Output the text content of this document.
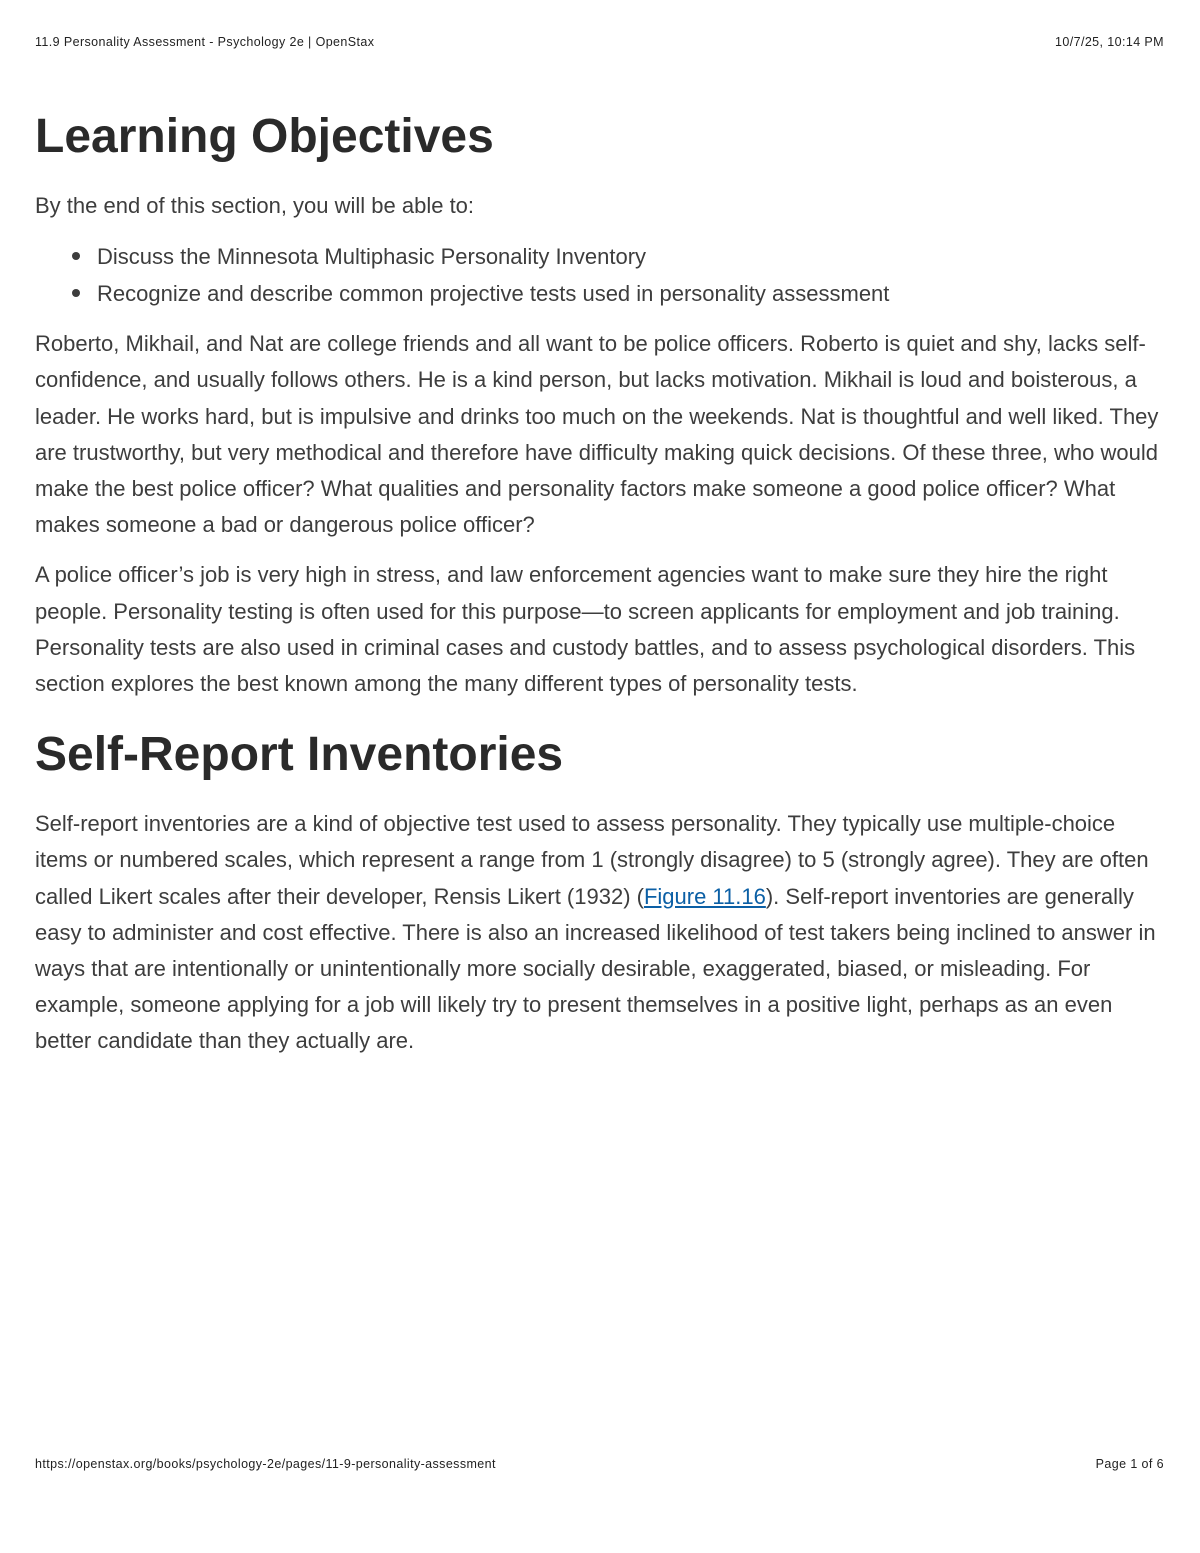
11.9 Personality Assessment - Psychology 2e | OpenStax	10/7/25, 10:14 PM
Learning Objectives

By the end of this section, you will be able to:

Discuss the Minnesota Multiphasic Personality Inventory
Recognize and describe common projective tests used in personality assessment

Roberto, Mikhail, and Nat are college friends and all want to be police officers. Roberto is quiet and shy, lacks self-confidence, and usually follows others. He is a kind person, but lacks motivation. Mikhail is loud and boisterous, a leader. He works hard, but is impulsive and drinks too much on the weekends. Nat is thoughtful and well liked. They are trustworthy, but very methodical and therefore have difficulty making quick decisions. Of these three, who would make the best police officer? What qualities and personality factors make someone a good police officer? What makes someone a bad or dangerous police officer?

A police officer’s job is very high in stress, and law enforcement agencies want to make sure they hire the right people. Personality testing is often used for this purpose—to screen applicants for employment and job training. Personality tests are also used in criminal cases and custody battles, and to assess psychological disorders. This section explores the best known among the many different types of personality tests.

Self-Report Inventories

Self-report inventories are a kind of objective test used to assess personality. They typically use multiple-choice items or numbered scales, which represent a range from 1 (strongly disagree) to 5 (strongly agree). They are often called Likert scales after their developer, Rensis Likert (1932) (Figure 11.16). Self-report inventories are generally easy to administer and cost effective. There is also an increased likelihood of test takers being inclined to answer in ways that are intentionally or unintentionally more socially desirable, exaggerated, biased, or misleading. For example, someone applying for a job will likely try to present themselves in a positive light, perhaps as an even better candidate than they actually are.

https://openstax.org/books/psychology-2e/pages/11-9-personality-assessment	Page 1 of 6
